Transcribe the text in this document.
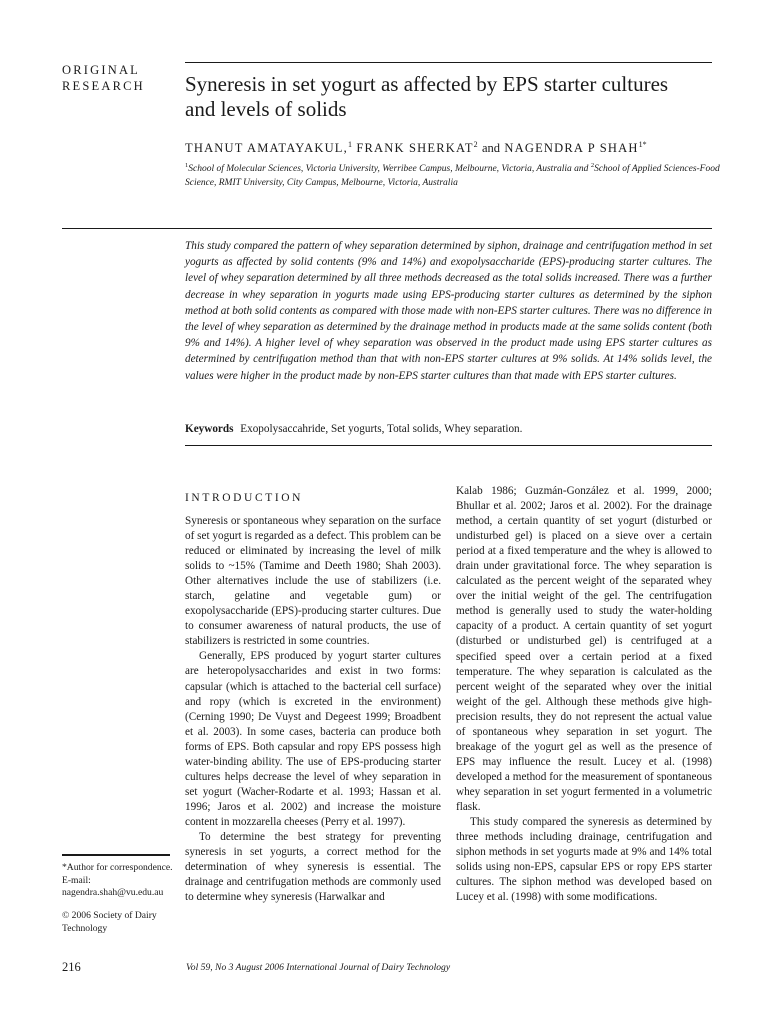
ORIGINAL
RESEARCH	Syneresis in set yogurt as affected by EPS starter cultures
and levels of solids
THANUT AMATAYAKUL,$^1$ FRANK SHERKAT$^2$ and NAGENDRA P $SHAH^{1*}$
$^1$School of Molecular Sciences, Victoria University, Werribee Campus, Melbourne, Victoria, Australia and $^2$School of Applied Sciences-Food Science, RMIT University, City Campus, Melbourne, Victoria, Australia
This study compared the pattern of whey separation determined by siphon, drainage and centrifugation method in set yogurts as affected by solid contents (9% and 14%) and exopolysaccharide (EPS)-producing starter cultures. The level of whey separation determined by all three methods decreased as the total solids increased. There was a further decrease in whey separation in yogurts made using EPS-producing starter cultures as determined by the siphon method at both solid contents as compared with those made with non-EPS starter cultures. There was no difference in the level of whey separation as determined by the drainage method in products made at the same solids content (both 9% and 14%). A higher level of whey separation was observed in the product made using EPS starter cultures as determined by centrifugation method than that with non-EPS starter cultures at 9% solids. At 14% solids level, the values were higher in the product made by non-EPS starter cultures than that made with EPS starter cultures.
Keywords Exopolysaccahride, Set yogurts, Total solids, Whey separation.
INTRODUCTION

Syneresis or spontaneous whey separation on the surface of set yogurt is regarded as a defect. This problem can be reduced or eliminated by increasing the level of milk solids to ~15% (Tamime and Deeth 1980; Shah 2003). Other alternatives include the use of stabilizers (i.e. starch, gelatine and vegetable gum) or exopolysaccharide (EPS)-producing starter cultures. Due to consumer awareness of natural products, the use of stabilizers is restricted in some countries.

Generally, EPS produced by yogurt starter cultures are heteropolysaccharides and exist in two forms: capsular (which is attached to the bacterial cell surface) and ropy (which is excreted in the environment) (Cerning 1990; De Vuyst and Degeest 1999; Broadbent et al. 2003). In some cases, bacteria can produce both forms of EPS. Both capsular and ropy EPS possess high water-binding ability. The use of EPS-producing starter cultures helps decrease the level of whey separation in set yogurt (Wacher-Rodarte et al. 1993; Hassan et al. 1996; Jaros et al. 2002) and increase the moisture content in mozzarella cheeses (Perry et al. 1997).

To determine the best strategy for preventing syneresis in set yogurts, a correct method for the determination of whey syneresis is essential. The drainage and centrifugation methods are commonly used to determine whey syneresis (Harwalkar and

Kalab 1986; Guzmán-González et al. 1999, 2000; Bhullar et al. 2002; Jaros et al. 2002). For the drainage method, a certain quantity of set yogurt (disturbed or undisturbed gel) is placed on a sieve over a certain period at a fixed temperature and the whey is allowed to drain under gravitational force. The whey separation is calculated as the percent weight of the separated whey over the initial weight of the gel. The centrifugation method is generally used to study the water-holding capacity of a product. A certain quantity of set yogurt (disturbed or undisturbed gel) is centrifuged at a specified speed over a certain period at a fixed temperature. The whey separation is calculated as the percent weight of the separated whey over the initial weight of the gel. Although these methods give high-precision results, they do not represent the actual value of spontaneous whey separation in set yogurt. The breakage of the yogurt gel as well as the presence of EPS may influence the result. Lucey et al. (1998) developed a method for the measurement of spontaneous whey separation in set yogurt fermented in a volumetric flask.

This study compared the syneresis as determined by three methods including drainage, centrifugation and siphon methods in set yogurts made at 9% and 14% total solids using non-EPS, capsular EPS or ropy EPS starter cultures. The siphon method was developed based on Lucey et al. (1998) with some modifications.

*Author for correspondence. E-mail: nagendra.shah@vu.edu.au
© 2006 Society of Dairy Technology
216	Vol 59, No 3 August 2006 International Journal of Dairy Technology
